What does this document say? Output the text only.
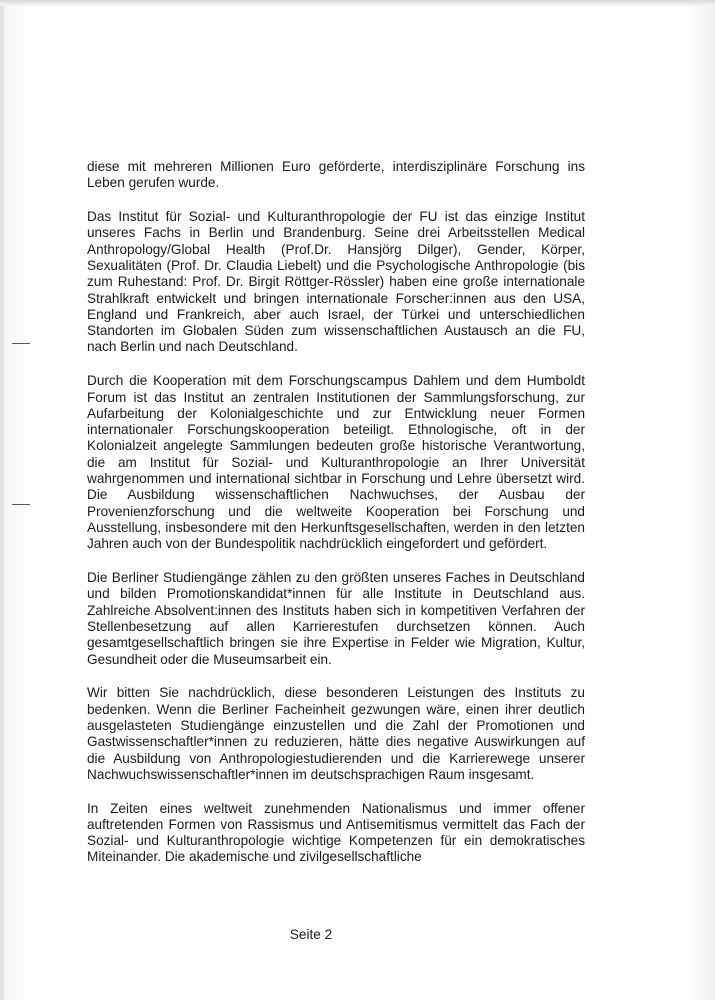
diese mit mehreren Millionen Euro geförderte, interdisziplinäre Forschung ins Leben gerufen wurde.

Das Institut für Sozial- und Kulturanthropologie der FU ist das einzige Institut unseres Fachs in Berlin und Brandenburg. Seine drei Arbeitsstellen Medical Anthropology/Global Health (Prof.Dr. Hansjörg Dilger), Gender, Körper, Sexualitäten (Prof. Dr. Claudia Liebelt) und die Psychologische Anthropologie (bis zum Ruhestand: Prof. Dr. Birgit Röttger-Rössler) haben eine große internationale Strahlkraft entwickelt und bringen internationale Forscher:innen aus den USA, England und Frankreich, aber auch Israel, der Türkei und unterschiedlichen Standorten im Globalen Süden zum wissenschaftlichen Austausch an die FU, nach Berlin und nach Deutschland.

Durch die Kooperation mit dem Forschungscampus Dahlem und dem Humboldt Forum ist das Institut an zentralen Institutionen der Sammlungsforschung, zur Aufarbeitung der Kolonialgeschichte und zur Entwicklung neuer Formen internationaler Forschungskooperation beteiligt. Ethnologische, oft in der Kolonialzeit angelegte Sammlungen bedeuten große historische Verantwortung, die am Institut für Sozial- und Kulturanthropologie an Ihrer Universität wahrgenommen und international sichtbar in Forschung und Lehre übersetzt wird. Die Ausbildung wissenschaftlichen Nachwuchses, der Ausbau der Provenienzforschung und die weltweite Kooperation bei Forschung und Ausstellung, insbesondere mit den Herkunftsgesellschaften, werden in den letzten Jahren auch von der Bundespolitik nachdrücklich eingefordert und gefördert.

Die Berliner Studiengänge zählen zu den größten unseres Faches in Deutschland und bilden Promotionskandidat*innen für alle Institute in Deutschland aus. Zahlreiche Absolvent:innen des Instituts haben sich in kompetitiven Verfahren der Stellenbesetzung auf allen Karrierestufen durchsetzen können. Auch gesamtgesellschaftlich bringen sie ihre Expertise in Felder wie Migration, Kultur, Gesundheit oder die Museumsarbeit ein.

Wir bitten Sie nachdrücklich, diese besonderen Leistungen des Instituts zu bedenken. Wenn die Berliner Facheinheit gezwungen wäre, einen ihrer deutlich ausgelasteten Studiengänge einzustellen und die Zahl der Promotionen und Gastwissenschaftler*innen zu reduzieren, hätte dies negative Auswirkungen auf die Ausbildung von Anthropologiestudierenden und die Karrierewege unserer Nachwuchswissenschaftler*innen im deutschsprachigen Raum insgesamt.

In Zeiten eines weltweit zunehmenden Nationalismus und immer offener auftretenden Formen von Rassismus und Antisemitismus vermittelt das Fach der Sozial- und Kulturanthropologie wichtige Kompetenzen für ein demokratisches Miteinander. Die akademische und zivilgesellschaftliche

Seite 2
